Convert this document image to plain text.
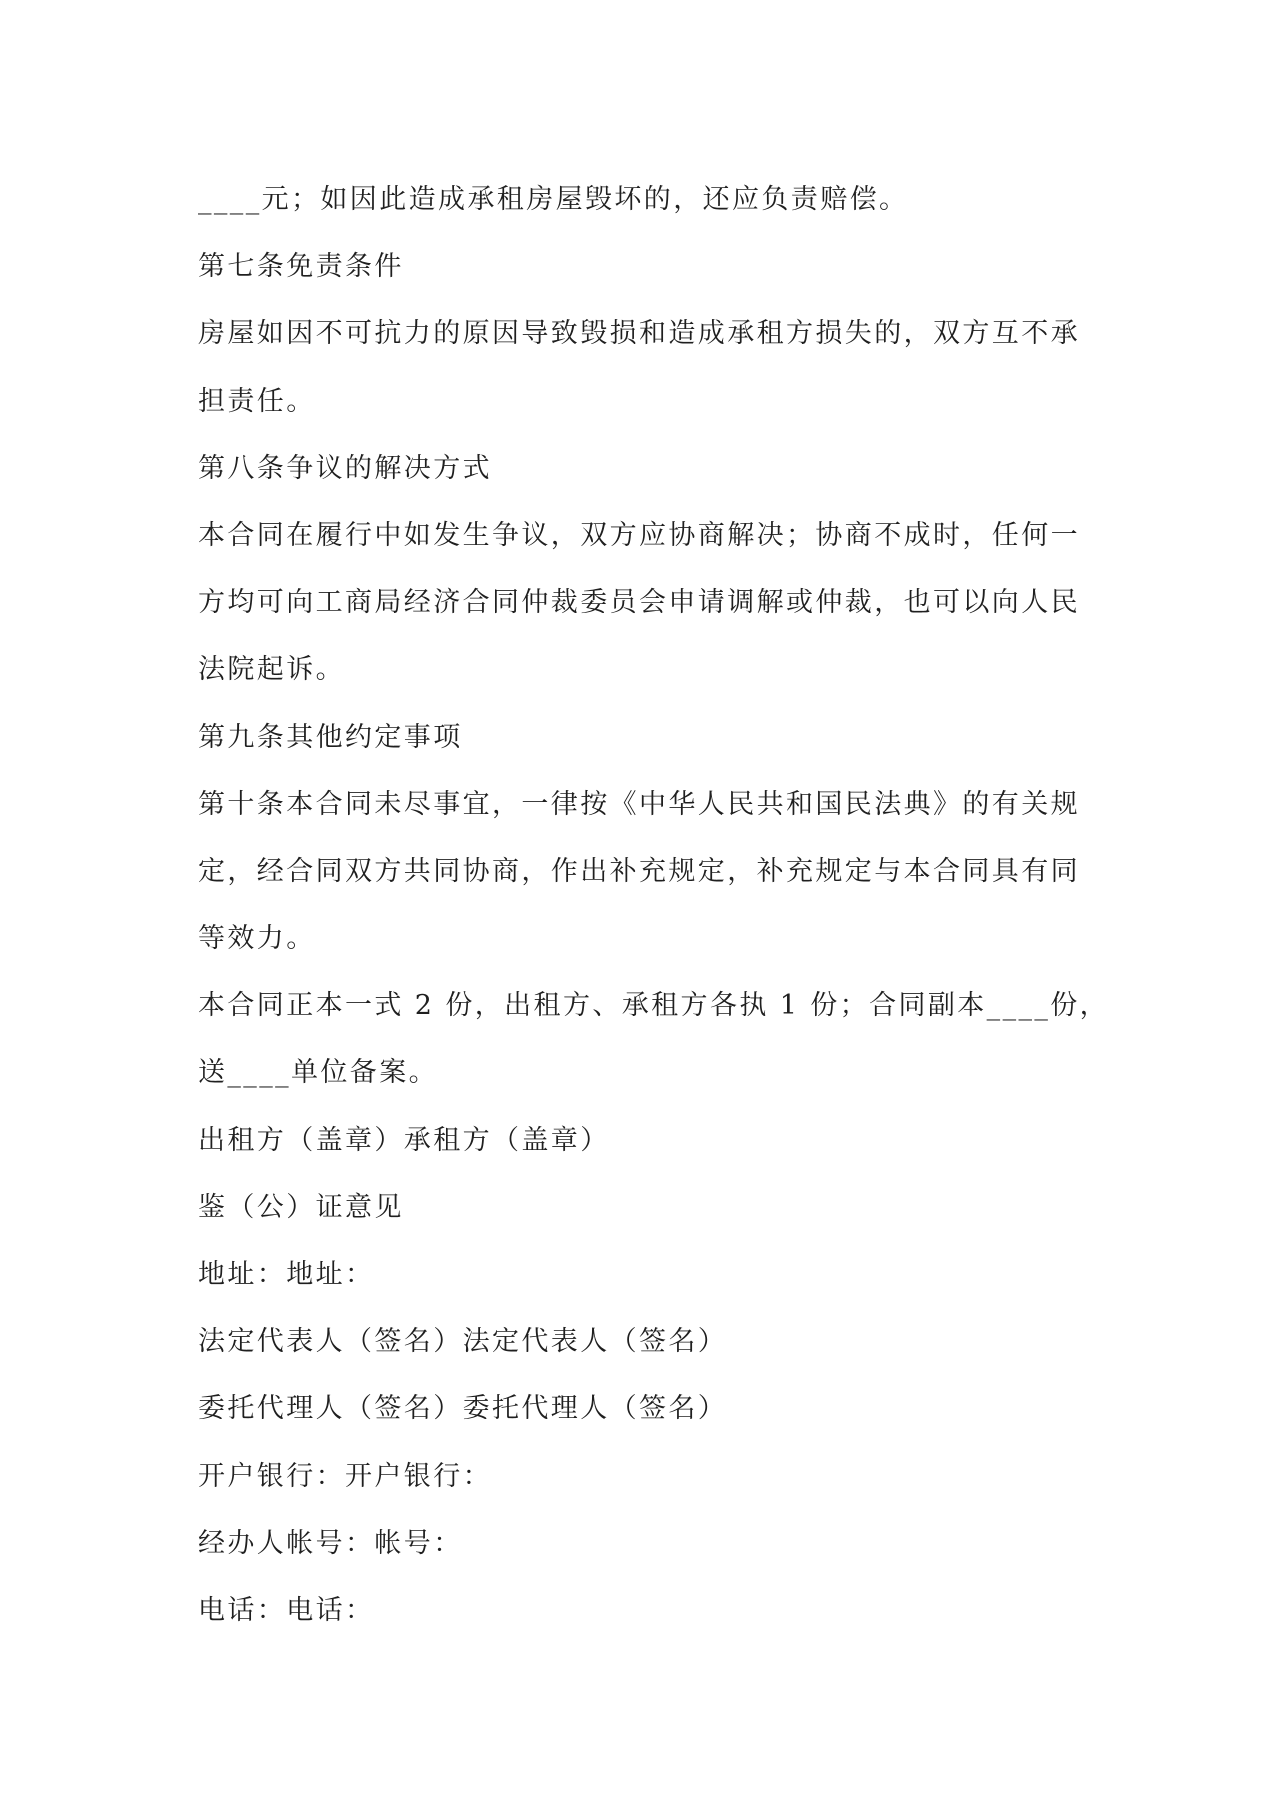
____元；如因此造成承租房屋毁坏的，还应负责赔偿。

第七条免责条件

房屋如因不可抗力的原因导致毁损和造成承租方损失的，双方互不承

担责任。

第八条争议的解决方式

本合同在履行中如发生争议，双方应协商解决；协商不成时，任何一

方均可向工商局经济合同仲裁委员会申请调解或仲裁，也可以向人民

法院起诉。

第九条其他约定事项

第十条本合同未尽事宜，一律按《中华人民共和国民法典》的有关规

定，经合同双方共同协商，作出补充规定，补充规定与本合同具有同

等效力。

本合同正本一式 2 份，出租方、承租方各执 1 份；合同副本____份，

送____单位备案。

出租方（盖章）承租方（盖章）

鉴（公）证意见

地址：地址：

法定代表人（签名）法定代表人（签名）

委托代理人（签名）委托代理人（签名）

开户银行：开户银行：

经办人帐号：帐号：

电话：电话：
